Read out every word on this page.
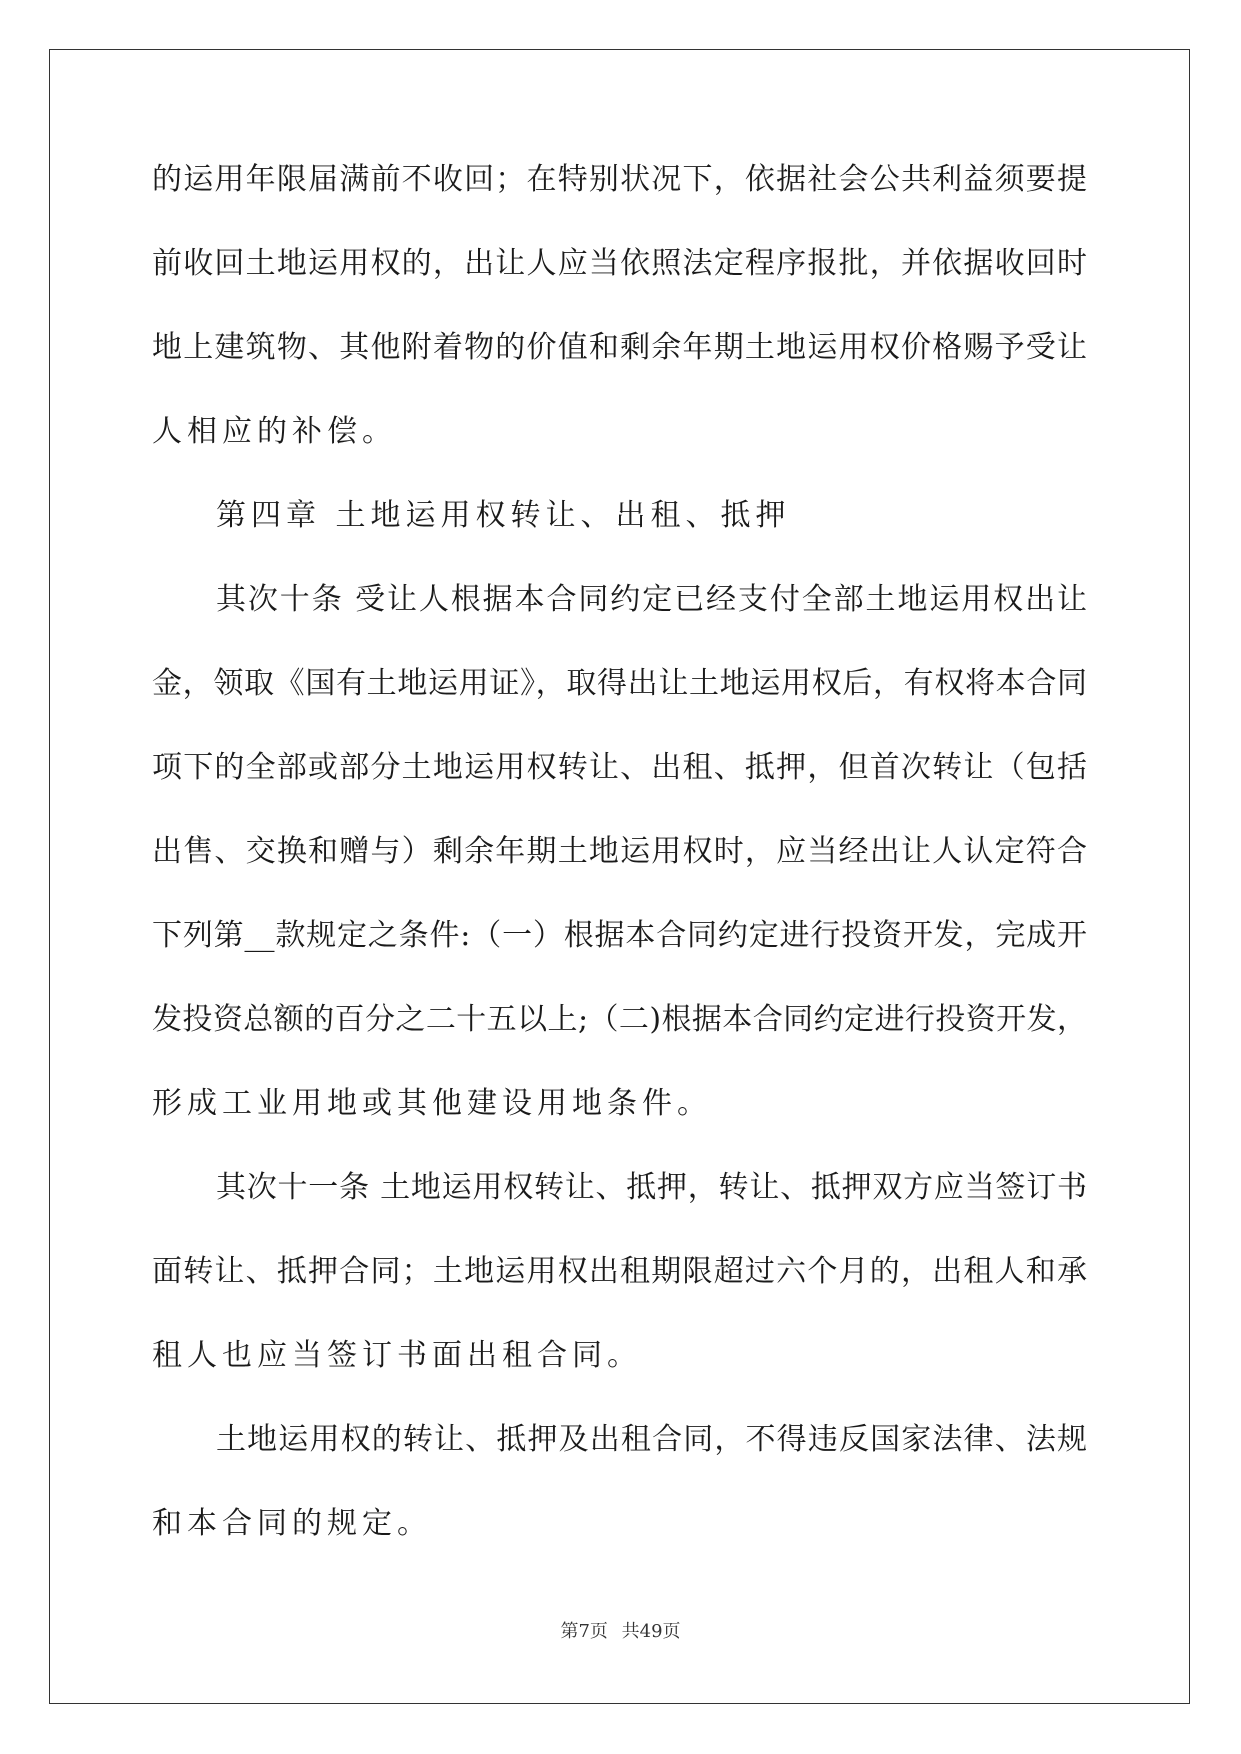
的运用年限届满前不收回；在特别状况下，依据社会公共利益须要提
前收回土地运用权的，出让人应当依照法定程序报批，并依据收回时
地上建筑物、其他附着物的价值和剩余年期土地运用权价格赐予受让
人相应的补偿。
第四章 土地运用权转让、出租、抵押
其次十条 受让人根据本合同约定已经支付全部土地运用权出让
金，领取《国有土地运用证》，取得出让土地运用权后，有权将本合同
项下的全部或部分土地运用权转让、出租、抵押，但首次转让（包括
出售、交换和赠与）剩余年期土地运用权时，应当经出让人认定符合
下列第__款规定之条件:（一）根据本合同约定进行投资开发，完成开
发投资总额的百分之二十五以上;（二)根据本合同约定进行投资开发，
形成工业用地或其他建设用地条件。
其次十一条 土地运用权转让、抵押，转让、抵押双方应当签订书
面转让、抵押合同；土地运用权出租期限超过六个月的，出租人和承
租人也应当签订书面出租合同。
土地运用权的转让、抵押及出租合同，不得违反国家法律、法规
和本合同的规定。
第7页 共49页
